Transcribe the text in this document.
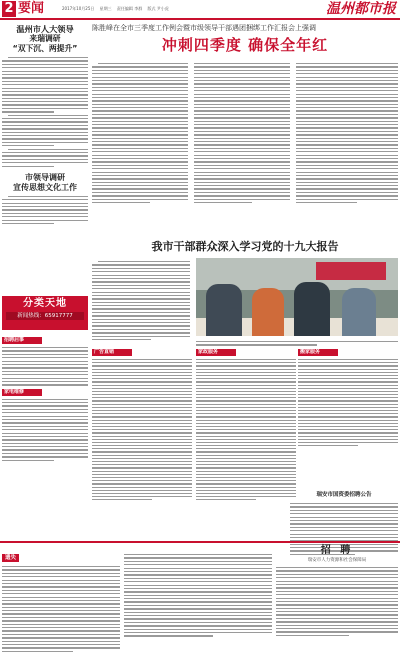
2 要闻	2017年10月25日 星期三 责任编辑 李群 版式 尹小虎	温州都市报
温州市人大领导
来瑞调研
“双下沉、两提升”
市领导调研
宣传思想文化工作
分类天地
新闻热线：65917777
招聘启事
家电维修
陈胜峰在全市三季度工作例会暨市级领导干部遇团捆绑工作汇报会上强调
冲刺四季度 确保全年红
我市干部群众深入学习党的十九大报告
广告直销	家政服务	搬家服务
瑞安市国资委招聘公告
遗失
招 聘
瑞安市人力资源和社会保障局
